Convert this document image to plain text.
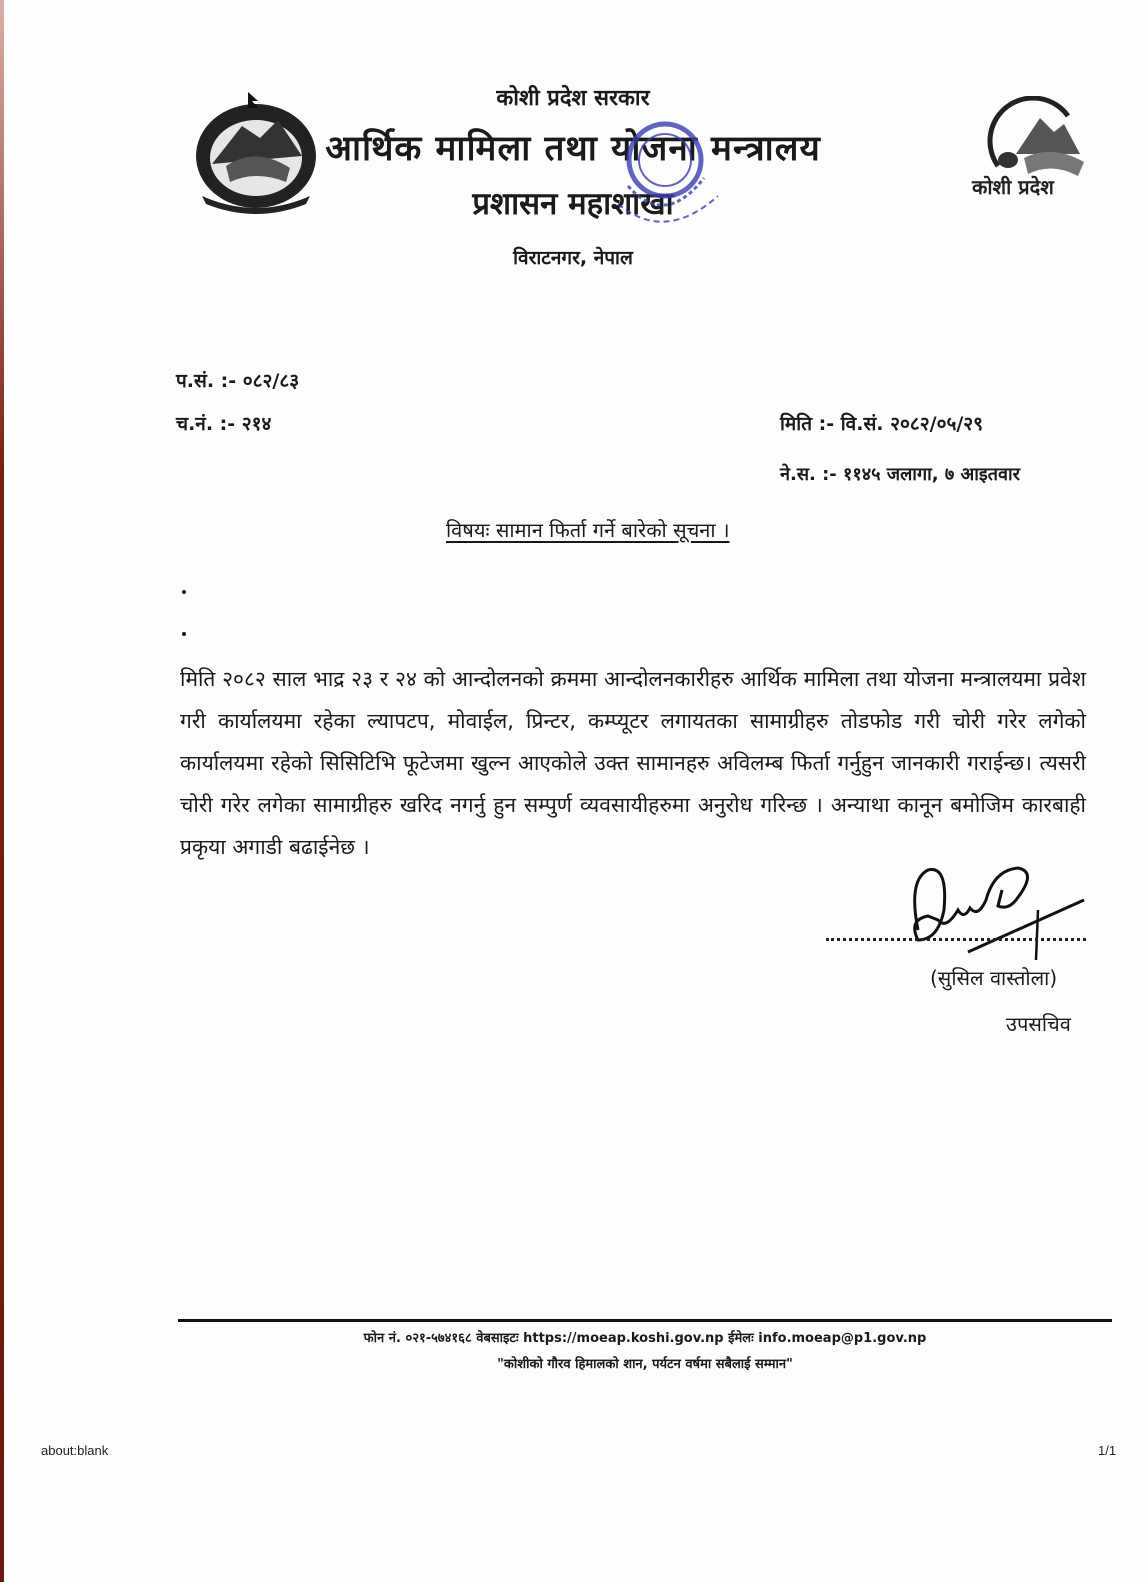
कोशी प्रदेश सरकार
आर्थिक मामिला तथा योजना मन्त्रालय
प्रशासन महाशाखा
विराटनगर, नेपाल
कोशी प्रदेश
प.सं. :- ०८२/८३
च.नं. :- २१४	मिति :- वि.सं. २०८२/०५/२९
ने.स. :- ११४५ जलागा, ७ आइतवार
विषयः सामान फिर्ता गर्ने बारेको सूचना ।
मिति २०८२ साल भाद्र २३ र २४ को आन्दोलनको क्रममा आन्दोलनकारीहरु आर्थिक मामिला तथा योजना मन्त्रालयमा प्रवेश गरी कार्यालयमा रहेका ल्यापटप, मोवाईल, प्रिन्टर, कम्प्यूटर लगायतका सामाग्रीहरु तोडफोड गरी चोरी गरेर लगेको कार्यालयमा रहेको सिसिटिभि फूटेजमा खुल्न आएकोले उक्त सामानहरु अविलम्ब फिर्ता गर्नुहुन जानकारी गराईन्छ। त्यसरी चोरी गरेर लगेका सामाग्रीहरु खरिद नगर्नु हुन सम्पुर्ण व्यवसायीहरुमा अनुरोध गरिन्छ । अन्याथा कानून बमोजिम कारबाही प्रकृया अगाडी बढाईनेछ ।
(सुसिल वास्तोला)
उपसचिव
फोन नं. ०२१-५७४१६८ वेबसाइटः https://moeap.koshi.gov.np ईमेलः info.moeap@p1.gov.np
"कोशीको गौरव हिमालको शान, पर्यटन वर्षमा सबैलाई सम्मान"
about:blank	1/1
